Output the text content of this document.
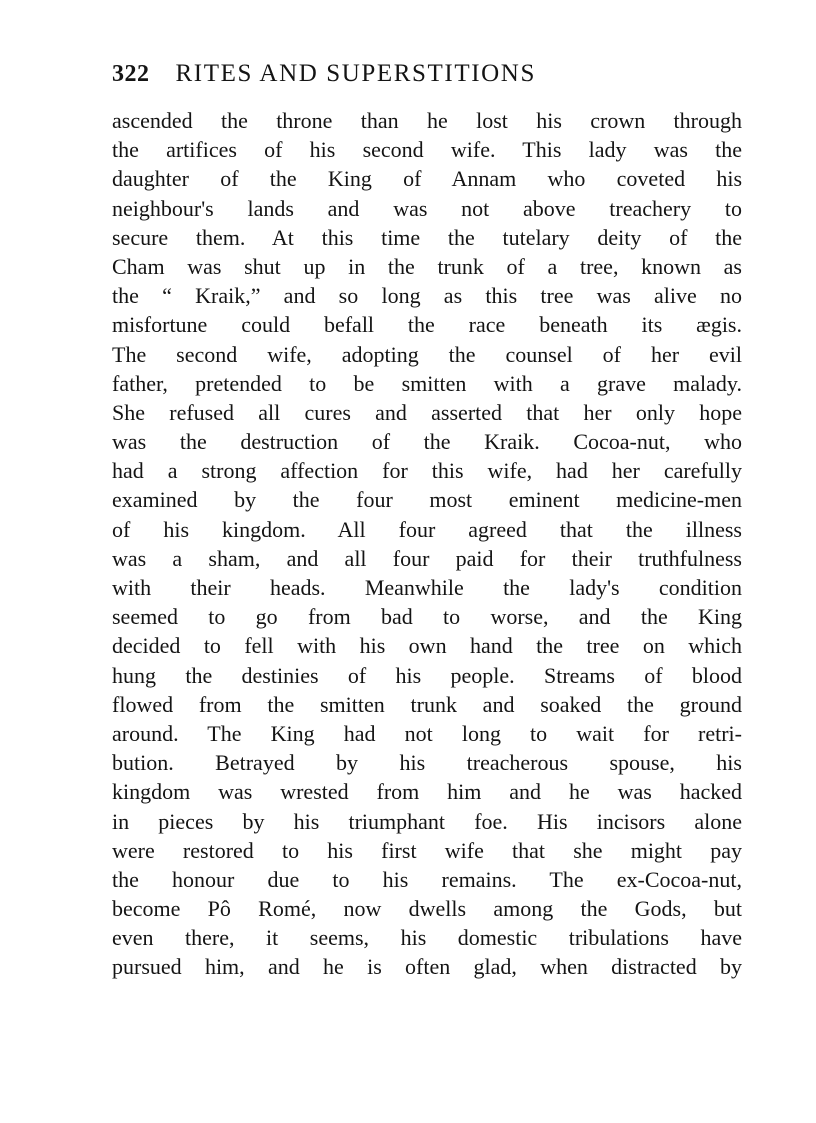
322 RITES AND SUPERSTITIONS
ascended the throne than he lost his crown through
the artifices of his second wife. This lady was the
daughter of the King of Annam who coveted his
neighbour's lands and was not above treachery to
secure them. At this time the tutelary deity of the
Cham was shut up in the trunk of a tree, known as
the “ Kraik,” and so long as this tree was alive no
misfortune could befall the race beneath its ægis.
The second wife, adopting the counsel of her evil
father, pretended to be smitten with a grave malady.
She refused all cures and asserted that her only hope
was the destruction of the Kraik. Cocoa-nut, who
had a strong affection for this wife, had her carefully
examined by the four most eminent medicine-men
of his kingdom. All four agreed that the illness
was a sham, and all four paid for their truthfulness
with their heads. Meanwhile the lady's condition
seemed to go from bad to worse, and the King
decided to fell with his own hand the tree on which
hung the destinies of his people. Streams of blood
flowed from the smitten trunk and soaked the ground
around. The King had not long to wait for retri-
bution. Betrayed by his treacherous spouse, his
kingdom was wrested from him and he was hacked
in pieces by his triumphant foe. His incisors alone
were restored to his first wife that she might pay
the honour due to his remains. The ex-Cocoa-nut,
become Pô Romé, now dwells among the Gods, but
even there, it seems, his domestic tribulations have
pursued him, and he is often glad, when distracted by
